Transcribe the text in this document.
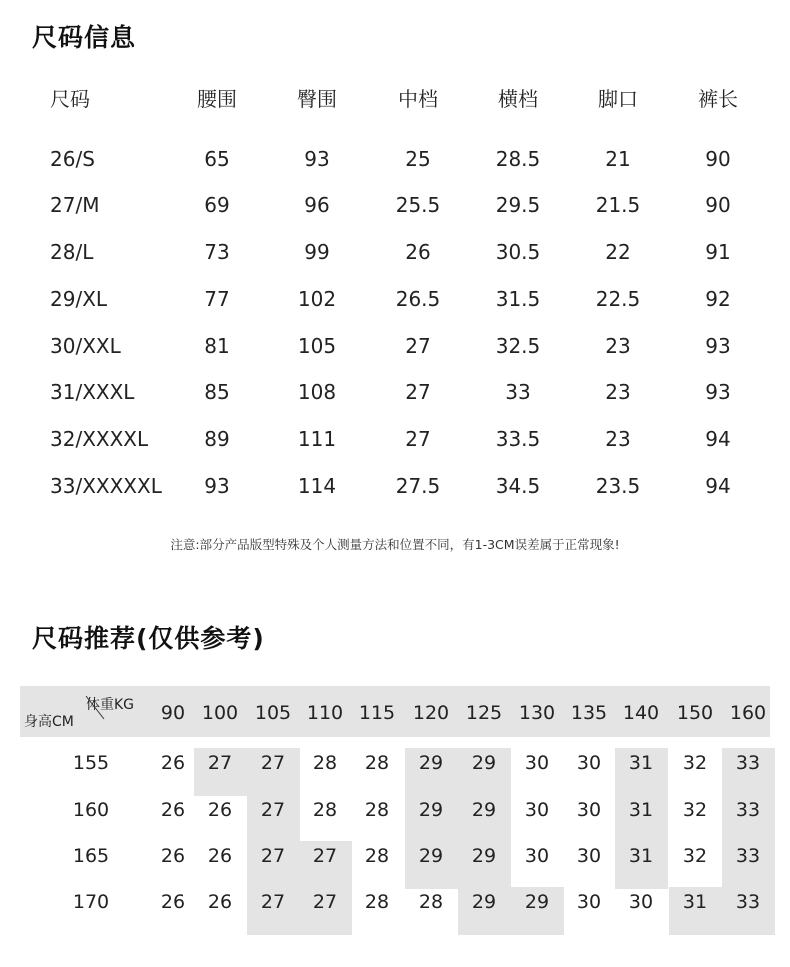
尺码信息
尺码	腰围	臀围	中档	横档	脚口	裤长
26/S	65	93	25	28.5	21	90
27/M	69	96	25.5	29.5	21.5	90
28/L	73	99	26	30.5	22	91
29/XL	77	102	26.5	31.5	22.5	92
30/XXL	81	105	27	32.5	23	93
31/XXXL	85	108	27	33	23	93
32/XXXXL	89	111	27	33.5	23	94
33/XXXXXL 93	114	27.5	34.5	23.5	94
注意:部分产品版型特殊及个人测量方法和位置不同，有1-3CM误差属于正常现象!
尺码推荐(仅供参考)
体重KG
身高CM	90 100 105 110 115 120 125 130 135 140 150 160
155	26 27 27 28 28 29 29 30 30 31 32 33
160	26 26 27 28 28 29 29 30 30 31 32 33
165	26 26 27 27 28 29 29 30 30 31 32 33
170	26 26 27 27 28 28 29 29 30 30 31 33
